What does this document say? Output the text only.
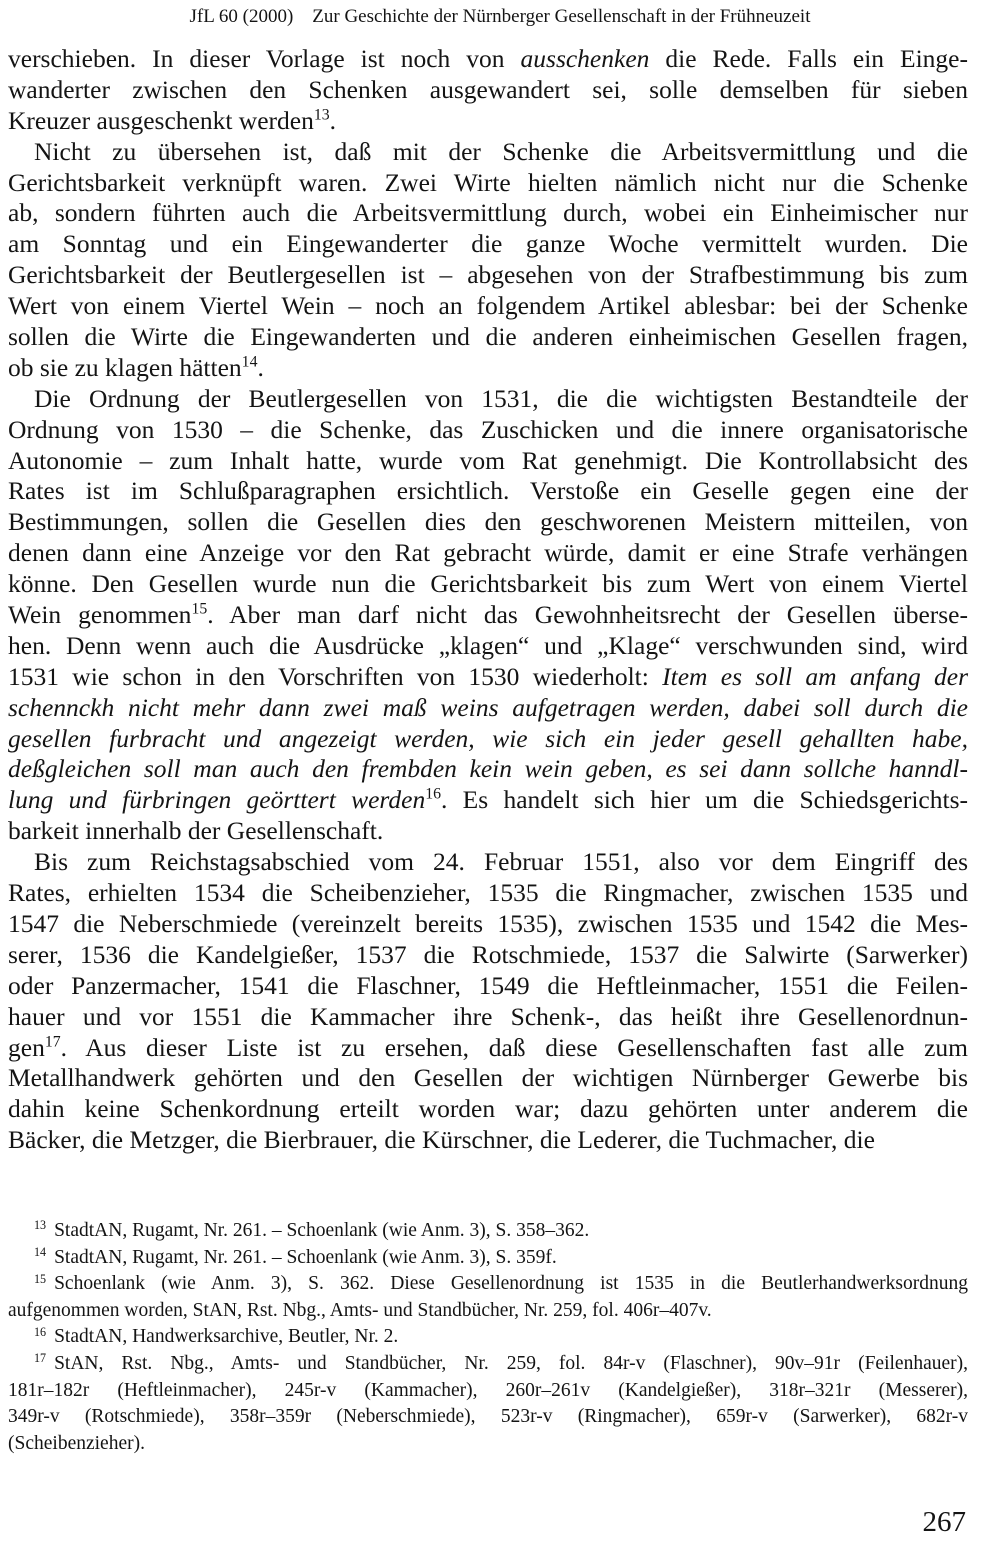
JfL 60 (2000) Zur Geschichte der Nürnberger Gesellenschaft in der Frühneuzeit
verschieben. In dieser Vorlage ist noch von ausschenken die Rede. Falls ein Einge-
wanderter zwischen den Schenken ausgewandert sei, solle demselben für sieben
Kreuzer ausgeschenkt werden$^{13}$.
Nicht zu übersehen ist, daß mit der Schenke die Arbeitsvermittlung und die
Gerichtsbarkeit verknüpft waren. Zwei Wirte hielten nämlich nicht nur die Schenke
ab, sondern führten auch die Arbeitsvermittlung durch, wobei ein Einheimischer nur
am Sonntag und ein Eingewanderter die ganze Woche vermittelt wurden. Die
Gerichtsbarkeit der Beutlergesellen ist – abgesehen von der Strafbestimmung bis zum
Wert von einem Viertel Wein – noch an folgendem Artikel ablesbar: bei der Schenke
sollen die Wirte die Eingewanderten und die anderen einheimischen Gesellen fragen,
ob sie zu klagen hätten$^{14}$.
Die Ordnung der Beutlergesellen von 1531, die die wichtigsten Bestandteile der
Ordnung von 1530 – die Schenke, das Zuschicken und die innere organisatorische
Autonomie – zum Inhalt hatte, wurde vom Rat genehmigt. Die Kontrollabsicht des
Rates ist im Schlußparagraphen ersichtlich. Verstoße ein Geselle gegen eine der
Bestimmungen, sollen die Gesellen dies den geschworenen Meistern mitteilen, von
denen dann eine Anzeige vor den Rat gebracht würde, damit er eine Strafe verhängen
könne. Den Gesellen wurde nun die Gerichtsbarkeit bis zum Wert von einem Viertel
Wein genommen$^{15}$. Aber man darf nicht das Gewohnheitsrecht der Gesellen überse-
hen. Denn wenn auch die Ausdrücke „klagen“ und „Klage“ verschwunden sind, wird
1531 wie schon in den Vorschriften von 1530 wiederholt: Item es soll am anfang der
schennckh nicht mehr dann zwei maß weins aufgetragen werden, dabei soll durch die
gesellen furbracht und angezeigt werden, wie sich ein jeder gesell gehallten habe,
deßgleichen soll man auch den frembden kein wein geben, es sei dann sollche hanndl-
lung und fürbringen geörttert werden$^{16}$. Es handelt sich hier um die Schiedsgerichts-
barkeit innerhalb der Gesellenschaft.
Bis zum Reichstagsabschied vom 24. Februar 1551, also vor dem Eingriff des
Rates, erhielten 1534 die Scheibenzieher, 1535 die Ringmacher, zwischen 1535 und
1547 die Neberschmiede (vereinzelt bereits 1535), zwischen 1535 und 1542 die Mes-
serer, 1536 die Kandelgießer, 1537 die Rotschmiede, 1537 die Salwirte (Sarwerker)
oder Panzermacher, 1541 die Flaschner, 1549 die Heftleinmacher, 1551 die Feilen-
hauer und vor 1551 die Kammacher ihre Schenk-, das heißt ihre Gesellenordnun-
gen$^{17}$. Aus dieser Liste ist zu ersehen, daß diese Gesellenschaften fast alle zum
Metallhandwerk gehörten und den Gesellen der wichtigen Nürnberger Gewerbe bis
dahin keine Schenkordnung erteilt worden war; dazu gehörten unter anderem die
Bäcker, die Metzger, die Bierbrauer, die Kürschner, die Lederer, die Tuchmacher, die
$^{13}$ StadtAN, Rugamt, Nr. 261. – Schoenlank (wie Anm. 3), S. 358–362.
$^{14}$ StadtAN, Rugamt, Nr. 261. – Schoenlank (wie Anm. 3), S. 359f.
$^{15}$ Schoenlank (wie Anm. 3), S. 362. Diese Gesellenordnung ist 1535 in die Beutlerhandwerksordnung
aufgenommen worden, StAN, Rst. Nbg., Amts- und Standbücher, Nr. 259, fol. 406r–407v.
$^{16}$ StadtAN, Handwerksarchive, Beutler, Nr. 2.
$^{17}$ StAN, Rst. Nbg., Amts- und Standbücher, Nr. 259, fol. 84r-v (Flaschner), 90v–91r (Feilenhauer),
181r–182r (Heftleinmacher), 245r-v (Kammacher), 260r–261v (Kandelgießer), 318r–321r (Messerer),
349r-v (Rotschmiede), 358r–359r (Neberschmiede), 523r-v (Ringmacher), 659r-v (Sarwerker), 682r-v
(Scheibenzieher).
267
